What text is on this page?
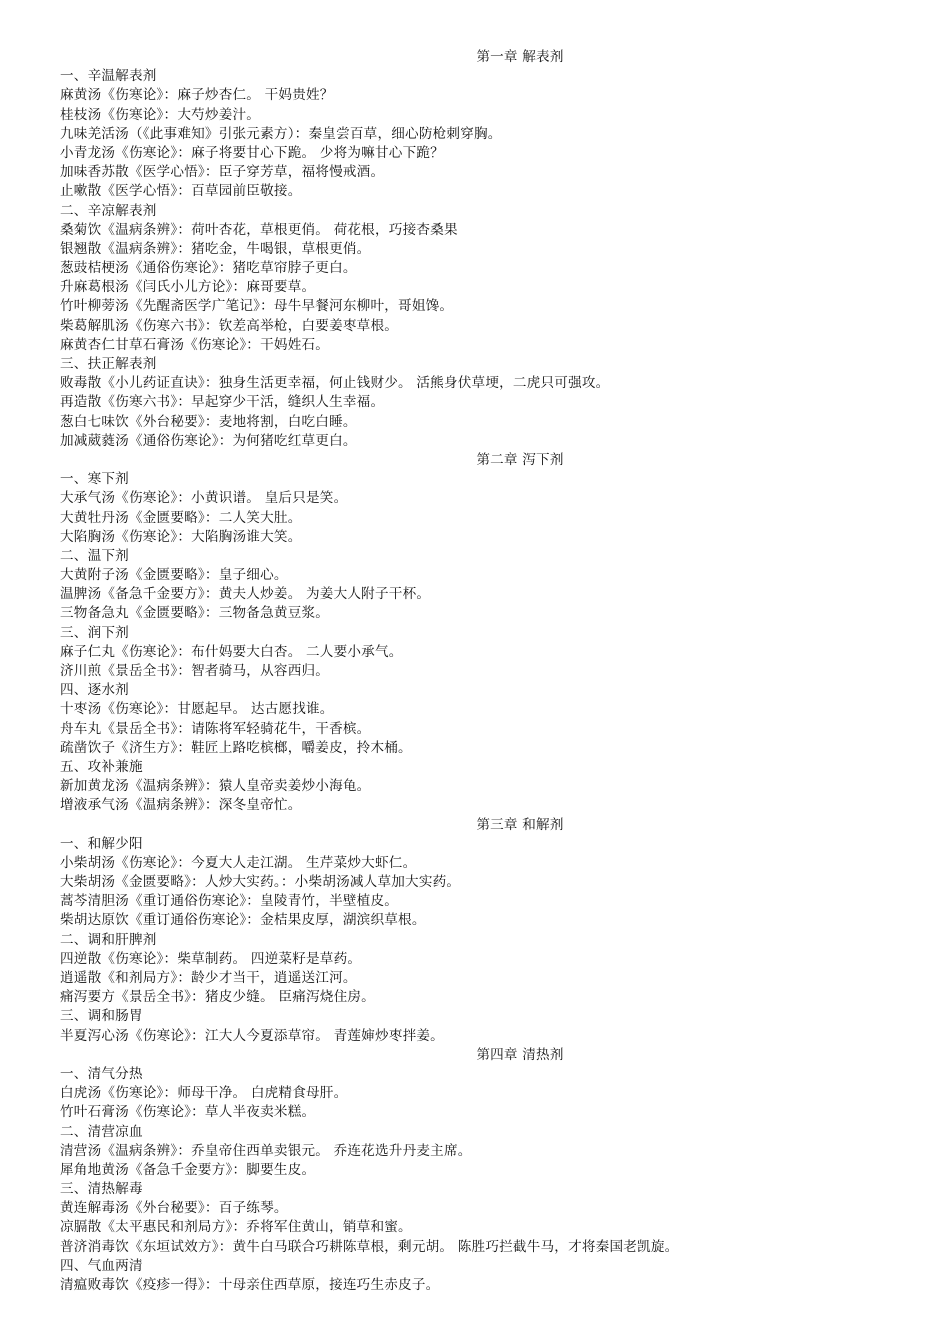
第一章 解表剂
一、辛温解表剂
麻黄汤《伤寒论》：麻子炒杏仁。 干妈贵姓？
桂枝汤《伤寒论》：大芍炒姜汁。
九味羌活汤（《此事难知》引张元素方）：秦皇尝百草，细心防枪刺穿胸。
小青龙汤《伤寒论》：麻子将要甘心下跪。 少将为嘛甘心下跪？
加味香苏散《医学心悟》：臣子穿芳草，福将慢戒酒。
止嗽散《医学心悟》：百草园前臣敬接。
二、辛凉解表剂
桑菊饮《温病条辨》：荷叶杏花，草根更俏。 荷花根，巧接杏桑果
银翘散《温病条辨》：猪吃金，牛喝银，草根更俏。
葱豉桔梗汤《通俗伤寒论》：猪吃草帘脖子更白。
升麻葛根汤《闫氏小儿方论》：麻哥要草。
竹叶柳蒡汤《先醒斋医学广笔记》：母牛早餐河东柳叶，哥姐馋。
柴葛解肌汤《伤寒六书》：钦差高举枪，白要姜枣草根。
麻黄杏仁甘草石膏汤《伤寒论》：干妈姓石。
三、扶正解表剂
败毒散《小儿药证直诀》：独身生活更幸福，何止钱财少。 活熊身伏草埂，二虎只可强攻。
再造散《伤寒六书》：早起穿少干活，缝织人生幸福。
葱白七味饮《外台秘要》：麦地将割，白吃白睡。
加减葳蕤汤《通俗伤寒论》：为何猪吃红草更白。
第二章 泻下剂
一、寒下剂
大承气汤《伤寒论》：小黄识谱。 皇后只是笑。
大黄牡丹汤《金匮要略》：二人笑大肚。
大陷胸汤《伤寒论》：大陷胸汤谁大笑。
二、温下剂
大黄附子汤《金匮要略》：皇子细心。
温脾汤《备急千金要方》：黄夫人炒姜。 为姜大人附子干杯。
三物备急丸《金匮要略》：三物备急黄豆浆。
三、润下剂
麻子仁丸《伤寒论》：布什妈要大白杏。 二人要小承气。
济川煎《景岳全书》：智者骑马，从容西归。
四、逐水剂
十枣汤《伤寒论》：甘愿起早。 达古愿找谁。
舟车丸《景岳全书》：请陈将军轻骑花牛，干香槟。
疏凿饮子《济生方》：鞋匠上路吃槟榔，嚼姜皮，拎木桶。
五、攻补兼施
新加黄龙汤《温病条辨》：猿人皇帝卖姜炒小海龟。
增液承气汤《温病条辨》：深冬皇帝忙。
第三章 和解剂
一、和解少阳
小柴胡汤《伤寒论》：今夏大人走江湖。 生芹菜炒大虾仁。
大柴胡汤《金匮要略》：人炒大实药。：小柴胡汤减人草加大实药。
蒿芩清胆汤《重订通俗伤寒论》：皇陵青竹，半壁植皮。
柴胡达原饮《重订通俗伤寒论》：金桔果皮厚，湖滨织草根。
二、调和肝脾剂
四逆散《伤寒论》：柴草制药。 四逆菜籽是草药。
逍遥散《和剂局方》：龄少才当干，逍遥送江河。
痛泻要方《景岳全书》：猪皮少缝。 臣痛泻烧住房。
三、调和肠胃
半夏泻心汤《伤寒论》：江大人今夏添草帘。 青莲婶炒枣拌姜。
第四章 清热剂
一、清气分热
白虎汤《伤寒论》：师母干净。 白虎精食母肝。
竹叶石膏汤《伤寒论》：草人半夜卖米糕。
二、清营凉血
清营汤《温病条辨》：乔皇帝住西单卖银元。 乔连花选升丹麦主席。
犀角地黄汤《备急千金要方》：脚要生皮。
三、清热解毒
黄连解毒汤《外台秘要》：百子练琴。
凉膈散《太平惠民和剂局方》：乔将军住黄山，销草和蜜。
普济消毒饮《东垣试效方》：黄牛白马联合巧耕陈草根，剩元胡。 陈胜巧拦截牛马，才将秦国老凯旋。
四、气血两清
清瘟败毒饮《疫疹一得》：十母亲住西草原，接连巧生赤皮子。
